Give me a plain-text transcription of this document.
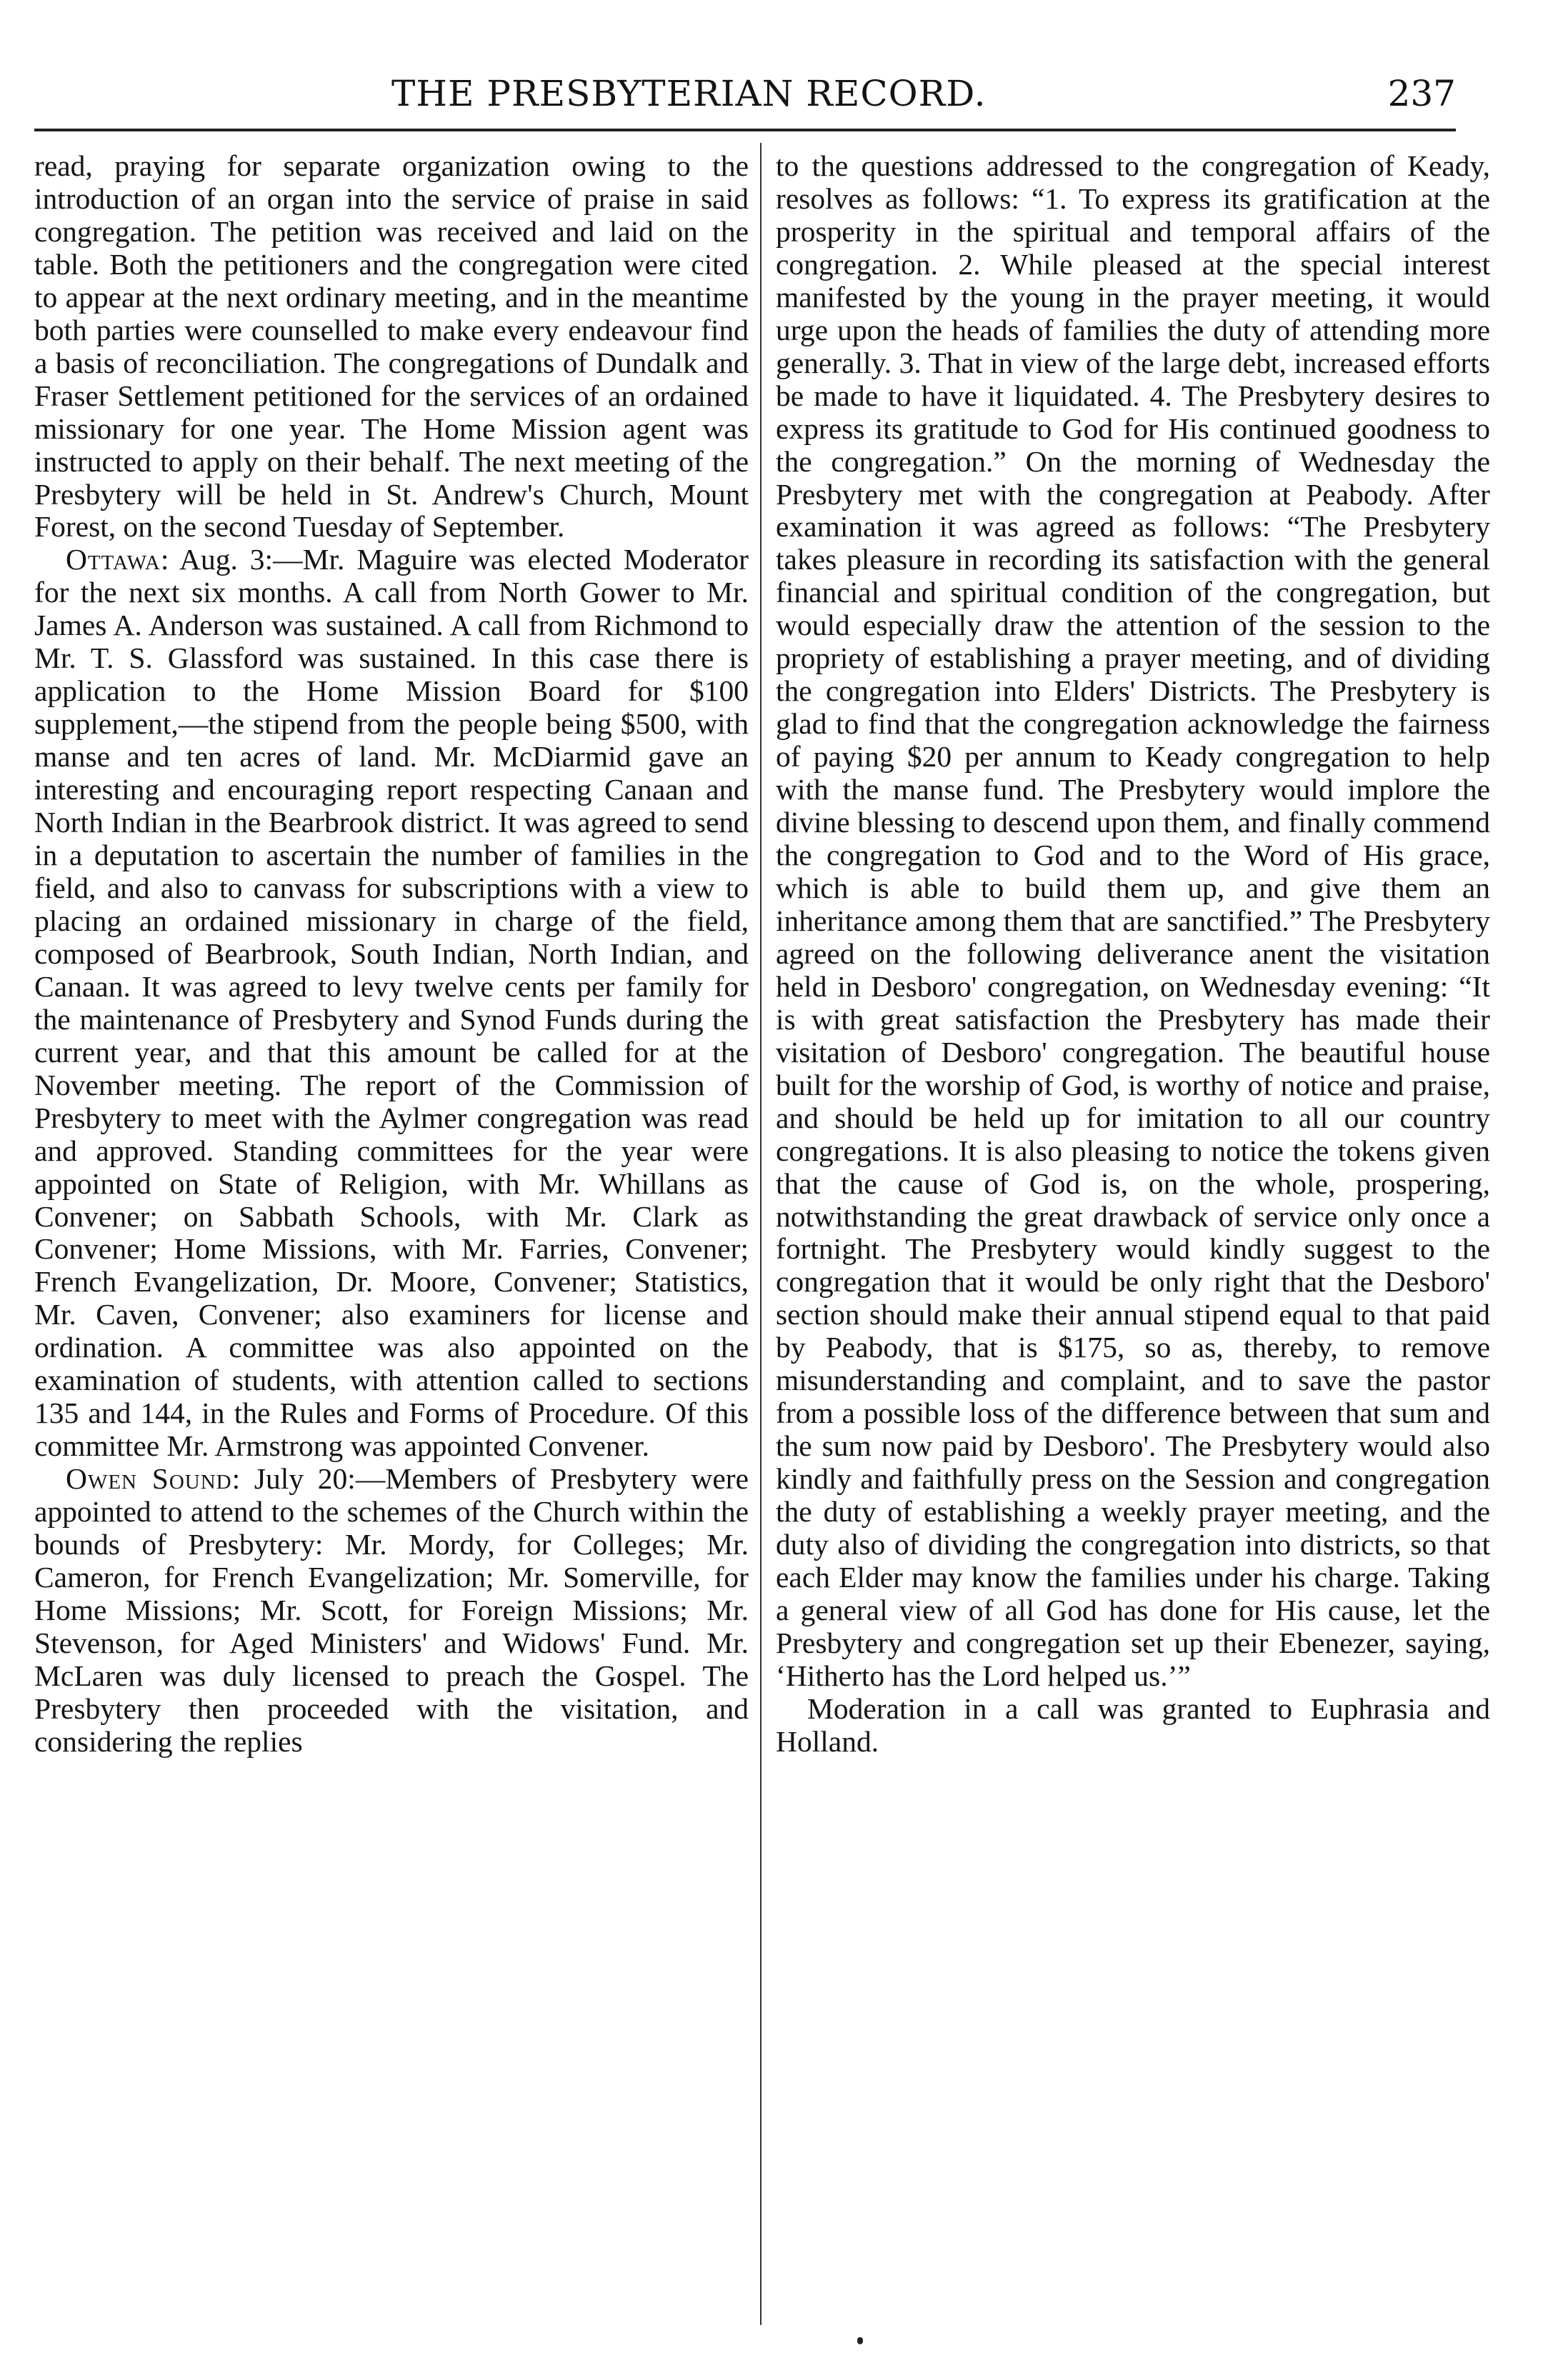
THE PRESBYTERIAN RECORD.	237

read, praying for separate organization owing to the introduction of an organ into the service of praise in said congregation. The petition was received and laid on the table. Both the petitioners and the congregation were cited to appear at the next ordinary meeting, and in the meantime both parties were counselled to make every endeavour find a basis of reconciliation. The congregations of Dundalk and Fraser Settlement petitioned for the services of an ordained missionary for one year. The Home Mission agent was instructed to apply on their behalf. The next meeting of the Presbytery will be held in St. Andrew's Church, Mount Forest, on the second Tuesday of September.

Ottawa: Aug. 3:—Mr. Maguire was elected Moderator for the next six months. A call from North Gower to Mr. James A. Anderson was sustained. A call from Richmond to Mr. T. S. Glassford was sustained. In this case there is application to the Home Mission Board for $100 supplement,—the stipend from the people being $500, with manse and ten acres of land. Mr. McDiarmid gave an interesting and encouraging report respecting Canaan and North Indian in the Bearbrook district. It was agreed to send in a deputation to ascertain the number of families in the field, and also to canvass for subscriptions with a view to placing an ordained missionary in charge of the field, composed of Bearbrook, South Indian, North Indian, and Canaan. It was agreed to levy twelve cents per family for the maintenance of Presbytery and Synod Funds during the current year, and that this amount be called for at the November meeting. The report of the Commission of Presbytery to meet with the Aylmer congregation was read and approved. Standing committees for the year were appointed on State of Religion, with Mr. Whillans as Convener; on Sabbath Schools, with Mr. Clark as Convener; Home Missions, with Mr. Farries, Convener; French Evangelization, Dr. Moore, Convener; Statistics, Mr. Caven, Convener; also examiners for license and ordination. A committee was also appointed on the examination of students, with attention called to sections 135 and 144, in the Rules and Forms of Procedure. Of this committee Mr. Armstrong was appointed Convener.

Owen Sound: July 20:—Members of Presbytery were appointed to attend to the schemes of the Church within the bounds of Presbytery: Mr. Mordy, for Colleges; Mr. Cameron, for French Evangelization; Mr. Somerville, for Home Missions; Mr. Scott, for Foreign Missions; Mr. Stevenson, for Aged Ministers' and Widows' Fund. Mr. McLaren was duly licensed to preach the Gospel. The Presbytery then proceeded with the visitation, and considering the replies

to the questions addressed to the congregation of Keady, resolves as follows: “1. To express its gratification at the prosperity in the spiritual and temporal affairs of the congregation. 2. While pleased at the special interest manifested by the young in the prayer meeting, it would urge upon the heads of families the duty of attending more generally. 3. That in view of the large debt, increased efforts be made to have it liquidated. 4. The Presbytery desires to express its gratitude to God for His continued goodness to the congregation.” On the morning of Wednesday the Presbytery met with the congregation at Peabody. After examination it was agreed as follows: “The Presbytery takes pleasure in recording its satisfaction with the general financial and spiritual condition of the congregation, but would especially draw the attention of the session to the propriety of establishing a prayer meeting, and of dividing the congregation into Elders' Districts. The Presbytery is glad to find that the congregation acknowledge the fairness of paying $20 per annum to Keady congregation to help with the manse fund. The Presbytery would implore the divine blessing to descend upon them, and finally commend the congregation to God and to the Word of His grace, which is able to build them up, and give them an inheritance among them that are sanctified.” The Presbytery agreed on the following deliverance anent the visitation held in Desboro' congregation, on Wednesday evening: “It is with great satisfaction the Presbytery has made their visitation of Desboro' congregation. The beautiful house built for the worship of God, is worthy of notice and praise, and should be held up for imitation to all our country congregations. It is also pleasing to notice the tokens given that the cause of God is, on the whole, prospering, notwithstanding the great drawback of service only once a fortnight. The Presbytery would kindly suggest to the congregation that it would be only right that the Desboro' section should make their annual stipend equal to that paid by Peabody, that is $175, so as, thereby, to remove misunderstanding and complaint, and to save the pastor from a possible loss of the difference between that sum and the sum now paid by Desboro'. The Presbytery would also kindly and faithfully press on the Session and congregation the duty of establishing a weekly prayer meeting, and the duty also of dividing the congregation into districts, so that each Elder may know the families under his charge. Taking a general view of all God has done for His cause, let the Presbytery and congregation set up their Ebenezer, saying, ‘Hitherto has the Lord helped us.’”

Moderation in a call was granted to Euphrasia and Holland.
